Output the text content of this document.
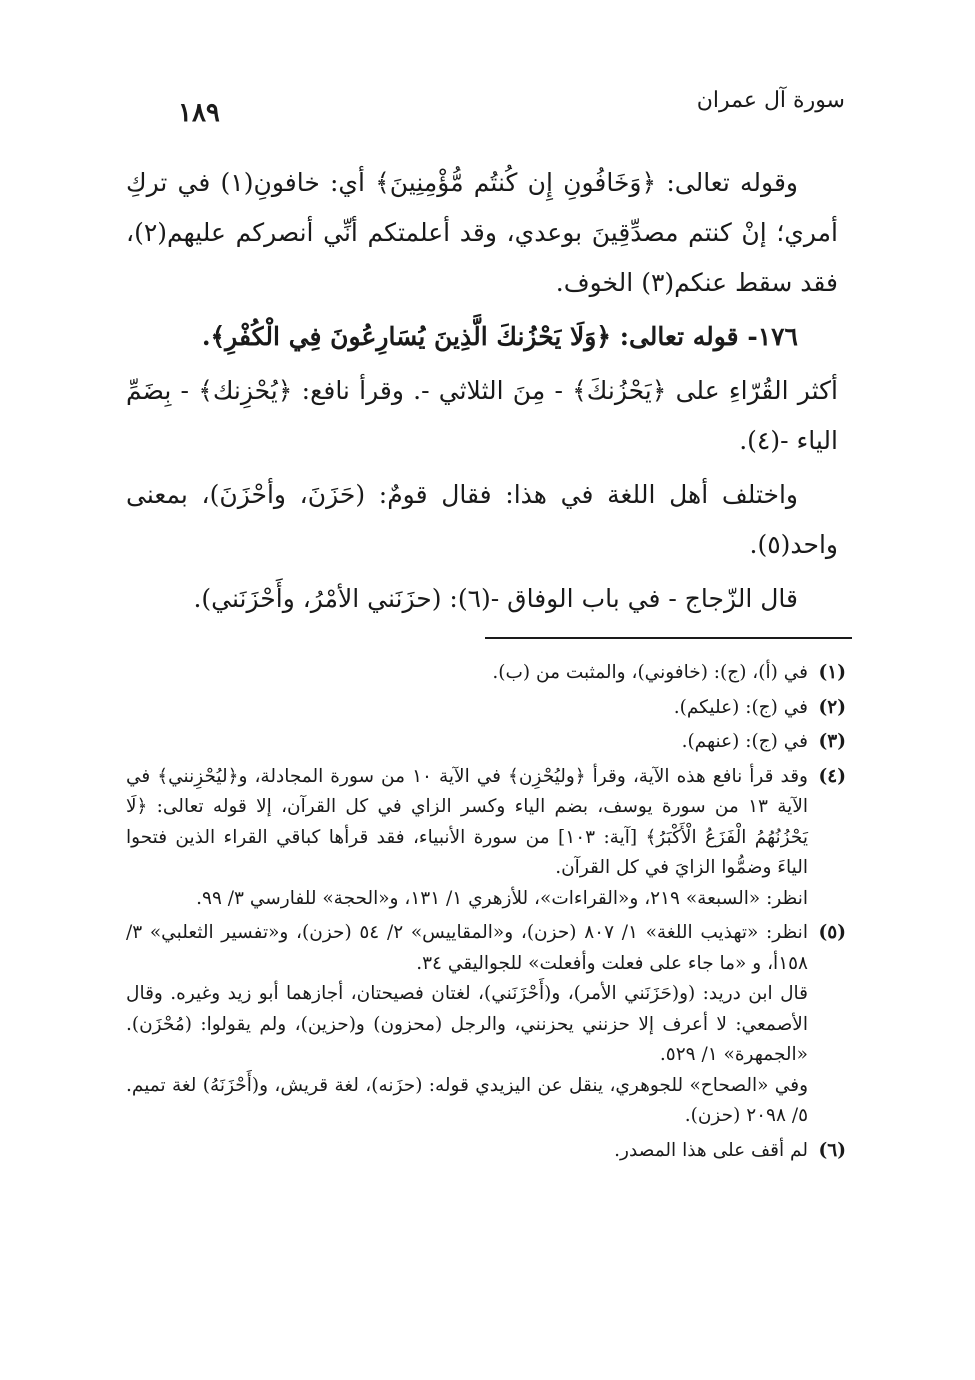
سورة آل عمران
١٨٩

وقوله تعالى: ﴿وَخَافُونِ إِن كُنتُم مُّؤْمِنِينَ﴾ أي: خافونِ(١) في تركِ أمري؛ إنْ كنتم مصدِّقِينَ بوعدي، وقد أعلمتكم أنِّي أنصركم عليهم(٢)، فقد سقط عنكم(٣) الخوف.

١٧٦- قوله تعالى: ﴿وَلَا يَحْزُنكَ الَّذِينَ يُسَارِعُونَ فِي الْكُفْرِ﴾.

أكثر القُرّاءِ على ﴿يَحْزُنكَ﴾ - مِنَ الثلاثي -. وقرأ نافع: ﴿يُحْزِنك﴾ - بِضَمِّ الياء -(٤).

واختلف أهل اللغة في هذا: فقال قومٌ: (حَزَنَ، وأحْزَنَ)، بمعنى واحد(٥).

قال الزّجاج - في باب الوفاق -(٦): (حزَنَني الأمْرُ، وأَحْزَنَني).

(١)
في (أ)، (ج): (خافوني)، والمثبت من (ب).
(٢)
في (ج): (عليكم).
(٣)
في (ج): (عنهم).
(٤)
وقد قرأ نافع هذه الآية، وقرأ ﴿وليُحْزِن﴾ في الآية ١٠ من سورة المجادلة، و﴿ليُحْزِنني﴾ في الآية ١٣ من سورة يوسف، بضم الياء وكسر الزاي في كل القرآن، إلا قوله تعالى: ﴿لَا يَحْزُنُهُمُ الْفَزَعُ الْأَكْبَرُ﴾ [آية: ١٠٣] من سورة الأنبياء، فقد قرأها كباقي القراء الذين فتحوا الياءَ وضمُّوا الزايَ في كل القرآن.
انظر: «السبعة» ٢١٩، و«القراءات»، للأزهري ١/ ١٣١، و«الحجة» للفارسي ٣/ ٩٩.
(٥)
انظر: «تهذيب اللغة» ١/ ٨٠٧ (حزن)، و«المقاييس» ٢/ ٥٤ (حزن)، و«تفسير الثعلبي» ٣/ ١٥٨أ، و «ما جاء على فعلت وأفعلت» للجواليقي ٣٤.
قال ابن دريد: (و(حَزَنَني الأمر)، و(أَحْزَنَني)، لغتان فصيحتان، أجازهما أبو زيد وغيره. وقال الأصمعي: لا أعرف إلا حزنني يحزنني، والرجل (محزون) و(حزين)، ولم يقولوا: (مُحْزَن). «الجمهرة» ١/ ٥٢٩.
وفي «الصحاح» للجوهري، ينقل عن اليزيدي قوله: (حزَنه)، لغة قريش، و(أَحْزَنَهُ) لغة تميم. ٥/ ٢٠٩٨ (حزن).
(٦)
لم أقف على هذا المصدر.
